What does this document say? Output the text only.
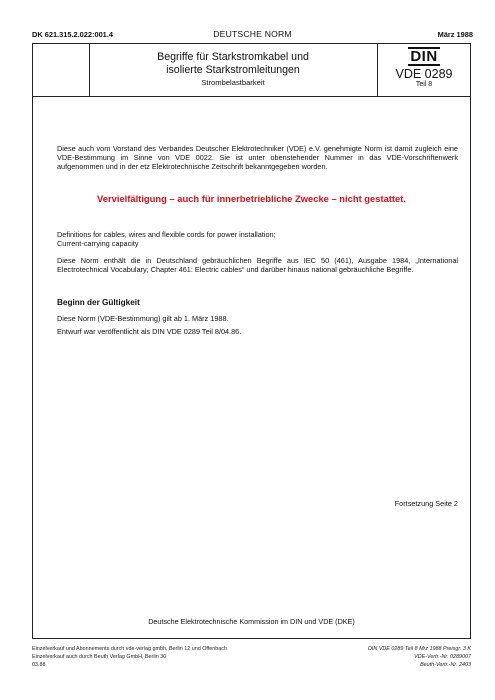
DK 621.315.2.022:001.4	DEUTSCHE NORM	März 1988
Begriffe für Starkstromkabel und
isolierte Starkstromleitungen
Strombelastbarkeit
DIN
VDE 0289
Teil 8
Diese auch vom Vorstand des Verbandes Deutscher Elektrotechniker (VDE) e.V. genehmigte Norm ist damit zugleich eine VDE-Bestimmung im Sinne von VDE 0022. Sie ist unter obenstehender Nummer in das VDE-Vorschriftenwerk aufgenommen und in der etz Elektrotechnische Zeitschrift bekanntgegeben worden.
Vervielfältigung – auch für innerbetriebliche Zwecke – nicht gestattet.
Definitions for cables, wires and flexible cords for power installation;
Current-carrying capacity
Diese Norm enthält die in Deutschland gebräuchlichen Begriffe aus IEC 50 (461), Ausgabe 1984, „International Electrotechnical Vocabulary; Chapter 461: Electric cables“ und darüber hinaus national gebräuchliche Begriffe.
Beginn der Gültigkeit
Diese Norm (VDE-Bestimmung) gilt ab 1. März 1988.
Entwurf war veröffentlicht als DIN VDE 0289 Teil 8/04.86.
Fortsetzung Seite 2
Deutsche Elektrotechnische Kommission im DIN und VDE (DKE)
Einzelverkauf und Abonnements durch vde-verlag gmbh, Berlin 12 und Offenbach
Einzelverkauf auch durch Beuth Verlag GmbH, Berlin 30
03.88
DIN VDE 0289 Teil 8 Mrz 1988 Preisgr. 3 K
VDE-Vertr.-Nr. 0289007
Beuth-Vertr.-Nr. 2403
